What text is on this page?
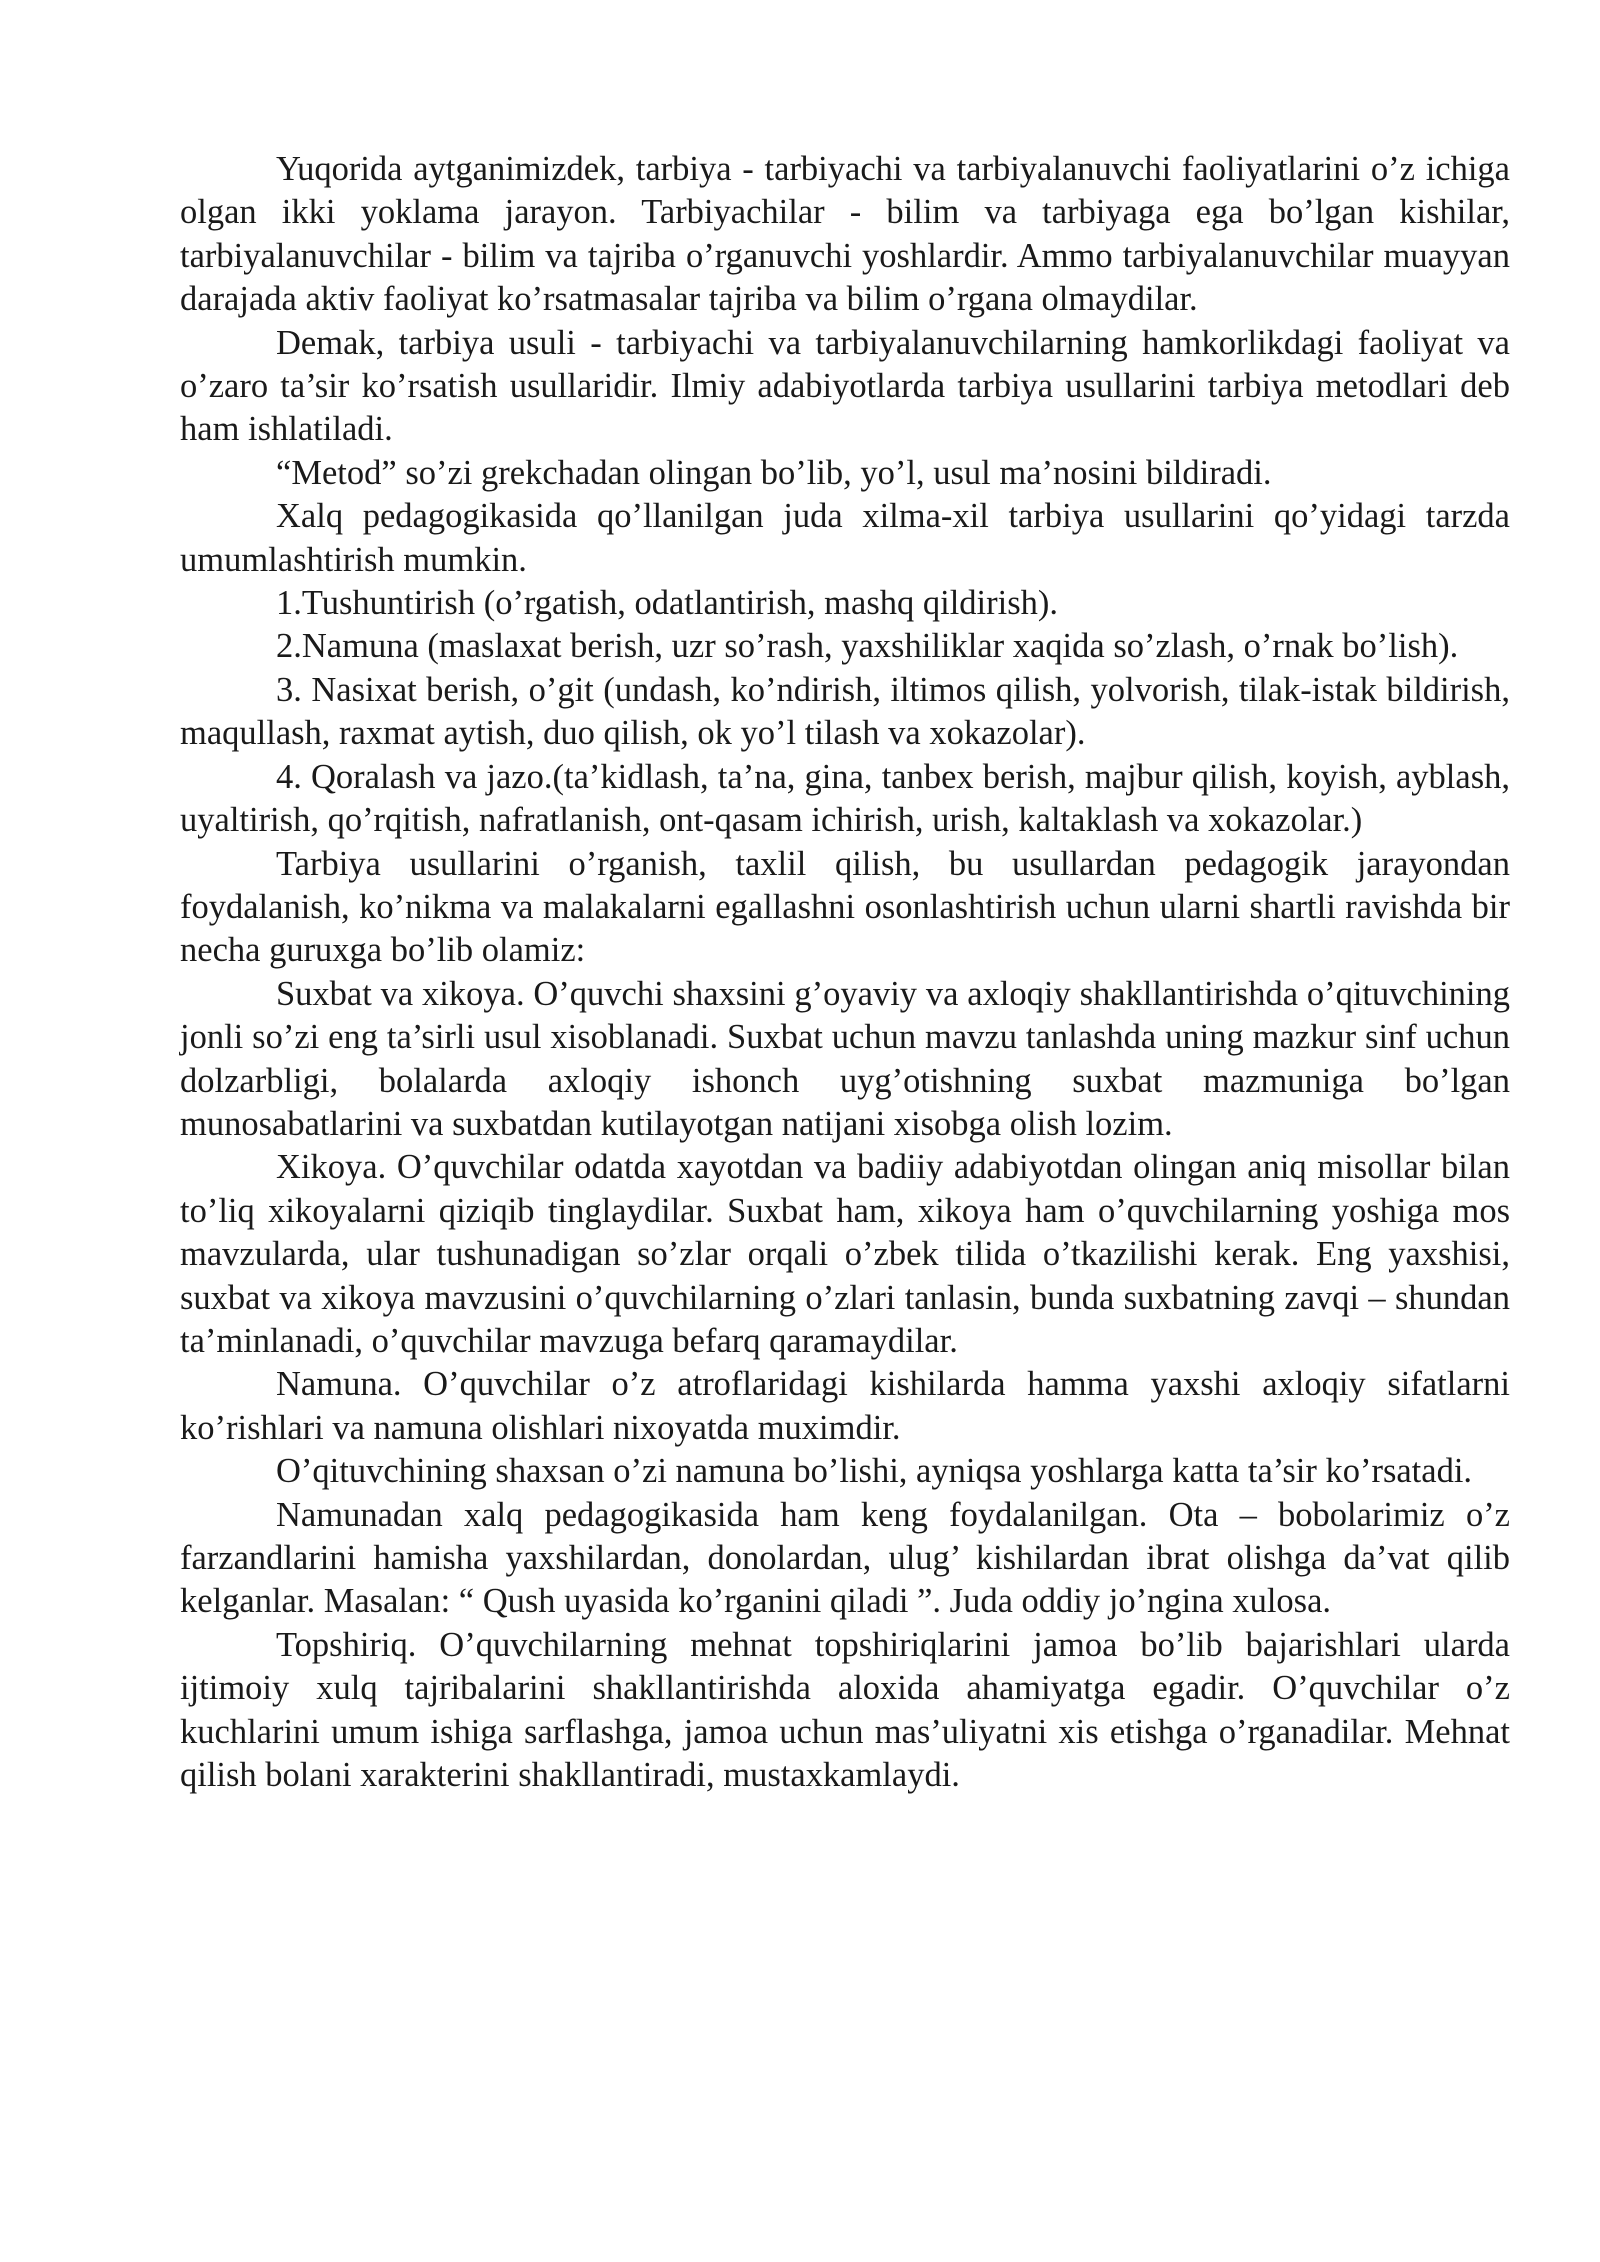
Yuqorida aytganimizdek, tarbiya - tarbiyachi va tarbiyalanuvchi faoliyatlarini o’z ichiga olgan ikki yoklama jarayon. Tarbiyachilar - bilim va tarbiyaga ega bo’lgan kishilar, tarbiyalanuvchilar - bilim va tajriba o’rganuvchi yoshlardir. Ammo tarbiyalanuvchilar muayyan darajada aktiv faoliyat ko’rsatmasalar tajriba va bilim o’rgana olmaydilar.

Demak, tarbiya usuli - tarbiyachi va tarbiyalanuvchilarning hamkorlikdagi faoliyat va o’zaro ta’sir ko’rsatish usullaridir. Ilmiy adabiyotlarda tarbiya usullarini tarbiya metodlari deb ham ishlatiladi.

“Metod” so’zi grekchadan olingan bo’lib, yo’l, usul ma’nosini bildiradi.

Xalq pedagogikasida qo’llanilgan juda xilma-xil tarbiya usullarini qo’yidagi tarzda umumlashtirish mumkin.

1.Tushuntirish (o’rgatish, odatlantirish, mashq qildirish).

2.Namuna (maslaxat berish, uzr so’rash, yaxshiliklar xaqida so’zlash, o’rnak bo’lish).

3. Nasixat berish, o’git (undash, ko’ndirish, iltimos qilish, yolvorish, tilak-istak bildirish, maqullash, raxmat aytish, duo qilish, ok yo’l tilash va xokazolar).

4. Qoralash va jazo.(ta’kidlash, ta’na, gina, tanbex berish, majbur qilish, koyish, ayblash, uyaltirish, qo’rqitish, nafratlanish, ont-qasam ichirish, urish, kaltaklash va xokazolar.)

Tarbiya usullarini o’rganish, taxlil qilish, bu usullardan pedagogik jarayondan foydalanish, ko’nikma va malakalarni egallashni osonlashtirish uchun ularni shartli ravishda bir necha guruxga bo’lib olamiz:

Suxbat va xikoya. O’quvchi shaxsini g’oyaviy va axloqiy shakllantirishda o’qituvchining jonli so’zi eng ta’sirli usul xisoblanadi. Suxbat uchun mavzu tanlashda uning mazkur sinf uchun dolzarbligi, bolalarda axloqiy ishonch uyg’otishning suxbat mazmuniga bo’lgan munosabatlarini va suxbatdan kutilayotgan natijani xisobga olish lozim.

Xikoya. O’quvchilar odatda xayotdan va badiiy adabiyotdan olingan aniq misollar bilan to’liq xikoyalarni qiziqib tinglaydilar. Suxbat ham, xikoya ham o’quvchilarning yoshiga mos mavzularda, ular tushunadigan so’zlar orqali o’zbek tilida o’tkazilishi kerak. Eng yaxshisi, suxbat va xikoya mavzusini o’quvchilarning o’zlari tanlasin, bunda suxbatning zavqi – shundan ta’minlanadi, o’quvchilar mavzuga befarq qaramaydilar.

Namuna. O’quvchilar o’z atroflaridagi kishilarda hamma yaxshi axloqiy sifatlarni ko’rishlari va namuna olishlari nixoyatda muximdir.

O’qituvchining shaxsan o’zi namuna bo’lishi, ayniqsa yoshlarga katta ta’sir ko’rsatadi.

Namunadan xalq pedagogikasida ham keng foydalanilgan. Ota – bobolarimiz o’z farzandlarini hamisha yaxshilardan, donolardan, ulug’ kishilardan ibrat olishga da’vat qilib kelganlar. Masalan: “ Qush uyasida ko’rganini qiladi ”. Juda oddiy jo’ngina xulosa.

Topshiriq. O’quvchilarning mehnat topshiriqlarini jamoa bo’lib bajarishlari ularda ijtimoiy xulq tajribalarini shakllantirishda aloxida ahamiyatga egadir. O’quvchilar o’z kuchlarini umum ishiga sarflashga, jamoa uchun mas’uliyatni xis etishga o’rganadilar. Mehnat qilish bolani xarakterini shakllantiradi, mustaxkamlaydi.
